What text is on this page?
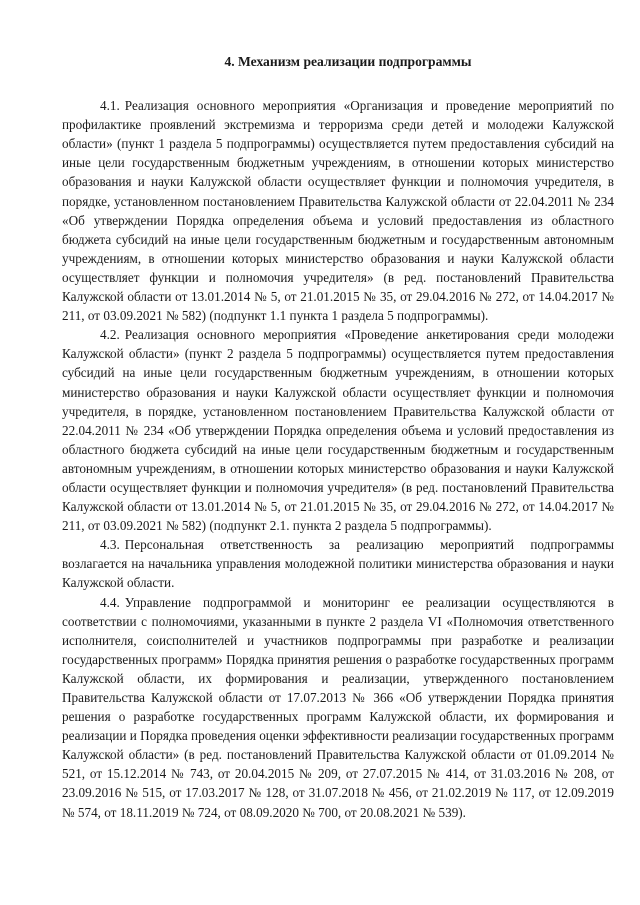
4. Механизм реализации подпрограммы

4.1. Реализация основного мероприятия «Организация и проведение мероприятий по профилактике проявлений экстремизма и терроризма среди детей и молодежи Калужской области» (пункт 1 раздела 5 подпрограммы) осуществляется путем предоставления субсидий на иные цели государственным бюджетным учреждениям, в отношении которых министерство образования и науки Калужской области осуществляет функции и полномочия учредителя, в порядке, установленном постановлением Правительства Калужской области от 22.04.2011 № 234 «Об утверждении Порядка определения объема и условий предоставления из областного бюджета субсидий на иные цели государственным бюджетным и государственным автономным учреждениям, в отношении которых министерство образования и науки Калужской области осуществляет функции и полномочия учредителя» (в ред. постановлений Правительства Калужской области от 13.01.2014 № 5, от 21.01.2015 № 35, от 29.04.2016 № 272, от 14.04.2017 № 211, от 03.09.2021 № 582) (подпункт 1.1 пункта 1 раздела 5 подпрограммы).

4.2. Реализация основного мероприятия «Проведение анкетирования среди молодежи Калужской области» (пункт 2 раздела 5 подпрограммы) осуществляется путем предоставления субсидий на иные цели государственным бюджетным учреждениям, в отношении которых министерство образования и науки Калужской области осуществляет функции и полномочия учредителя, в порядке, установленном постановлением Правительства Калужской области от 22.04.2011 № 234 «Об утверждении Порядка определения объема и условий предоставления из областного бюджета субсидий на иные цели государственным бюджетным и государственным автономным учреждениям, в отношении которых министерство образования и науки Калужской области осуществляет функции и полномочия учредителя» (в ред. постановлений Правительства Калужской области от 13.01.2014 № 5, от 21.01.2015 № 35, от 29.04.2016 № 272, от 14.04.2017 № 211, от 03.09.2021 № 582) (подпункт 2.1. пункта 2 раздела 5 подпрограммы).

4.3. Персональная ответственность за реализацию мероприятий подпрограммы возлагается на начальника управления молодежной политики министерства образования и науки Калужской области.

4.4. Управление подпрограммой и мониторинг ее реализации осуществляются в соответствии с полномочиями, указанными в пункте 2 раздела VI «Полномочия ответственного исполнителя, соисполнителей и участников подпрограммы при разработке и реализации государственных программ» Порядка принятия решения о разработке государственных программ Калужской области, их формирования и реализации, утвержденного постановлением Правительства Калужской области от 17.07.2013 № 366 «Об утверждении Порядка принятия решения о разработке государственных программ Калужской области, их формирования и реализации и Порядка проведения оценки эффективности реализации государственных программ Калужской области» (в ред. постановлений Правительства Калужской области от 01.09.2014 № 521, от 15.12.2014 № 743, от 20.04.2015 № 209, от 27.07.2015 № 414, от 31.03.2016 № 208, от 23.09.2016 № 515, от 17.03.2017 № 128, от 31.07.2018 № 456, от 21.02.2019 № 117, от 12.09.2019 № 574, от 18.11.2019 № 724, от 08.09.2020 № 700, от 20.08.2021 № 539).
